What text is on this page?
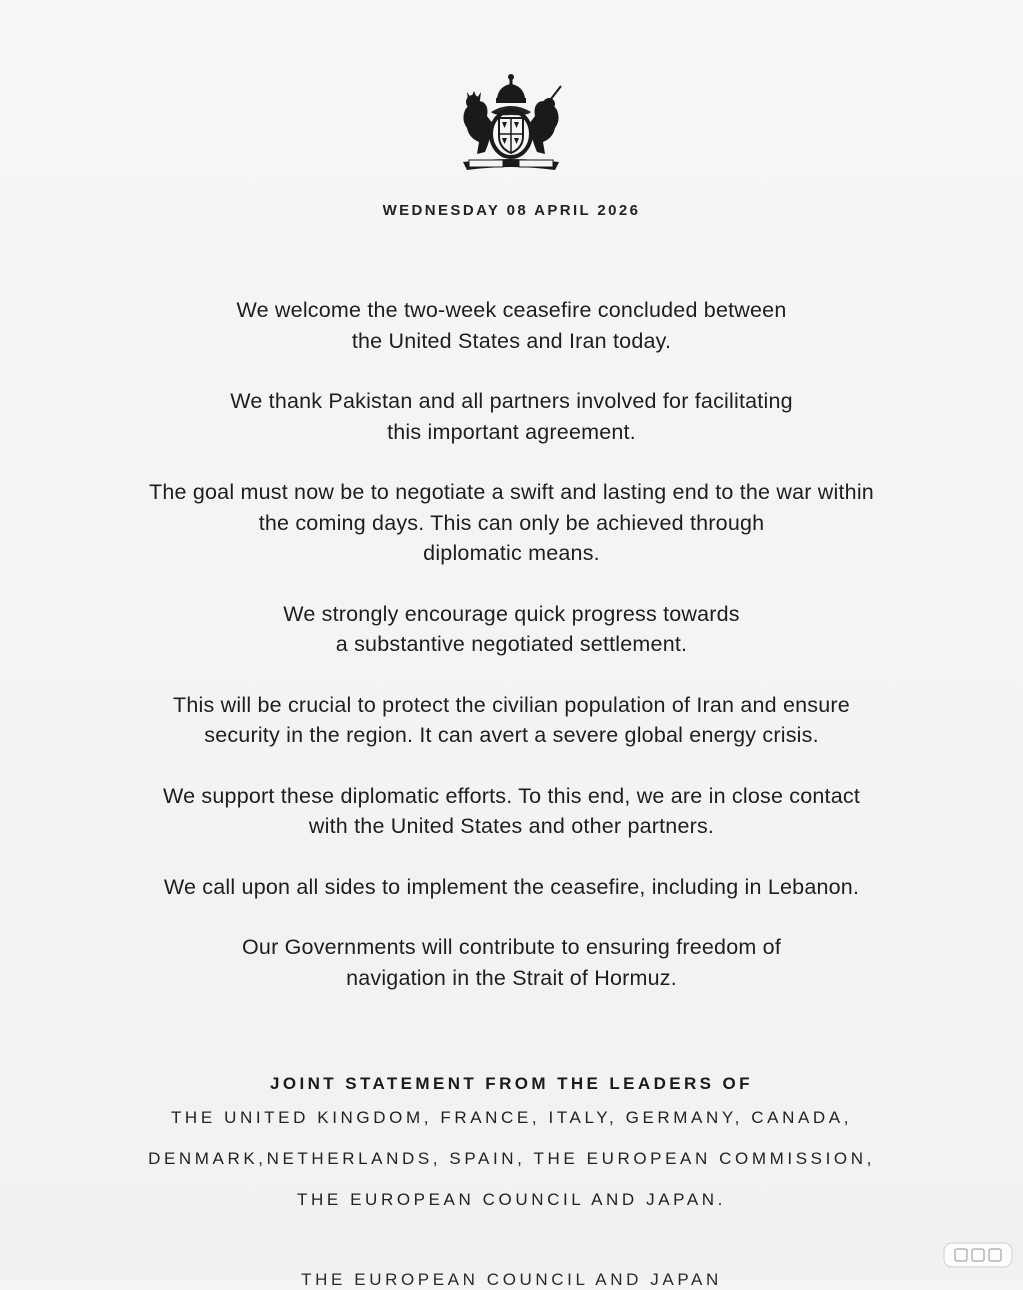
WEDNESDAY 08 APRIL 2026

We welcome the two-week ceasefire concluded between
the United States and Iran today.

We thank Pakistan and all partners involved for facilitating
this important agreement.

The goal must now be to negotiate a swift and lasting end to the war within
the coming days. This can only be achieved through
diplomatic means.

We strongly encourage quick progress towards
a substantive negotiated settlement.

This will be crucial to protect the civilian population of Iran and ensure
security in the region. It can avert a severe global energy crisis.

We support these diplomatic efforts. To this end, we are in close contact
with the United States and other partners.

We call upon all sides to implement the ceasefire, including in Lebanon.

Our Governments will contribute to ensuring freedom of
navigation in the Strait of Hormuz.

JOINT STATEMENT FROM THE LEADERS OF
THE UNITED KINGDOM, FRANCE, ITALY, GERMANY, CANADA,
DENMARK,NETHERLANDS, SPAIN, THE EUROPEAN COMMISSION,
THE EUROPEAN COUNCIL AND JAPAN.
THE EUROPEAN COUNCIL AND JAPAN
